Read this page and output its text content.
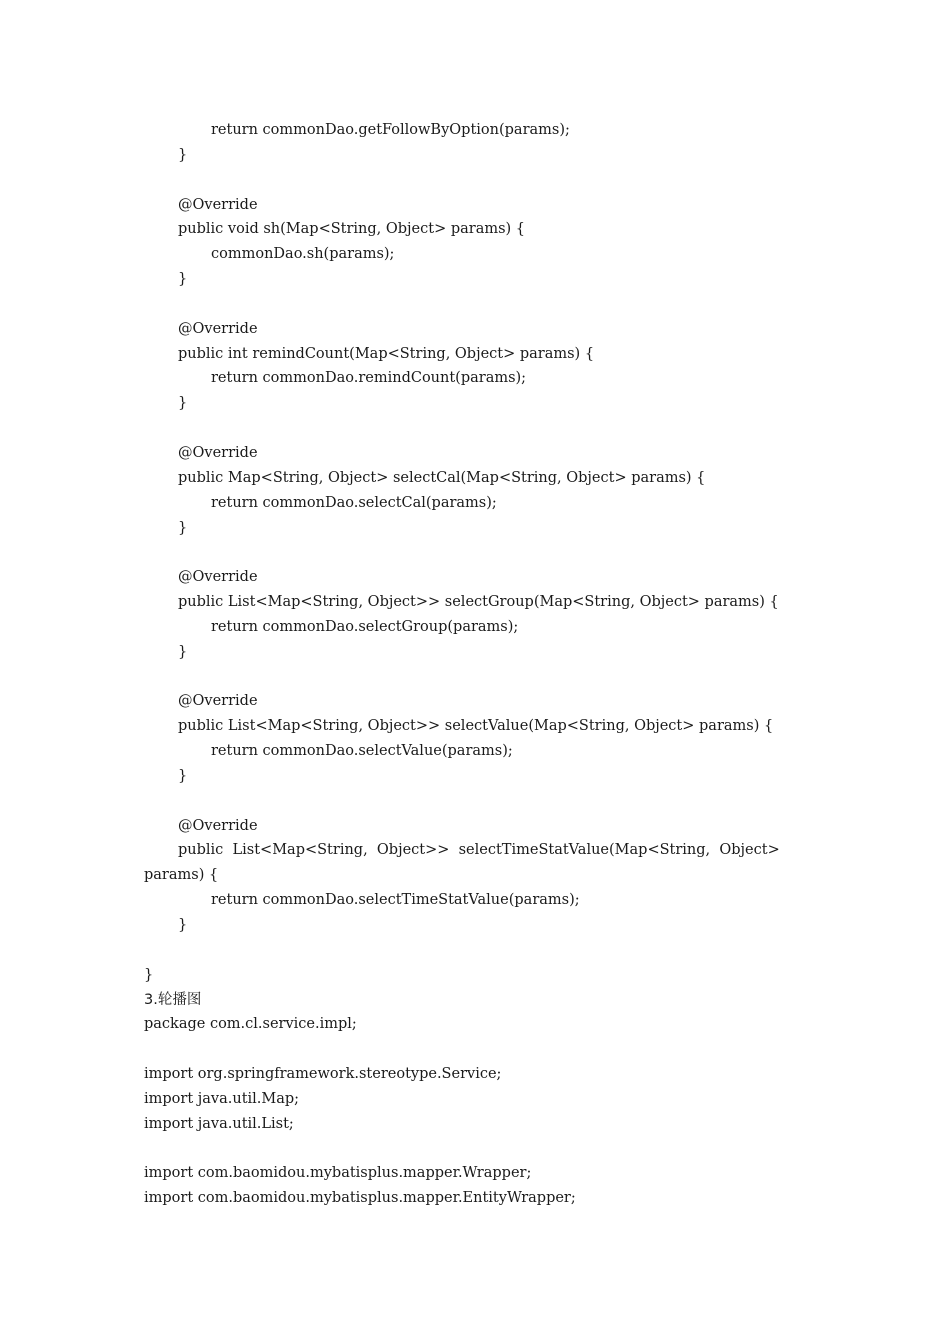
return commonDao.getFollowByOption(params);
}
@Override
public void sh(Map<String, Object> params) {
commonDao.sh(params);
}
@Override
public int remindCount(Map<String, Object> params) {
return commonDao.remindCount(params);
}
@Override
public Map<String, Object> selectCal(Map<String, Object> params) {
return commonDao.selectCal(params);
}
@Override
public List<Map<String, Object>> selectGroup(Map<String, Object> params) {
return commonDao.selectGroup(params);
}
@Override
public List<Map<String, Object>> selectValue(Map<String, Object> params) {
return commonDao.selectValue(params);
}
@Override
public  List<Map<String,  Object>>  selectTimeStatValue(Map<String,  Object>
params) {
return commonDao.selectTimeStatValue(params);
}
}
3.轮播图
package com.cl.service.impl;
import org.springframework.stereotype.Service;
import java.util.Map;
import java.util.List;
import com.baomidou.mybatisplus.mapper.Wrapper;
import com.baomidou.mybatisplus.mapper.EntityWrapper;
